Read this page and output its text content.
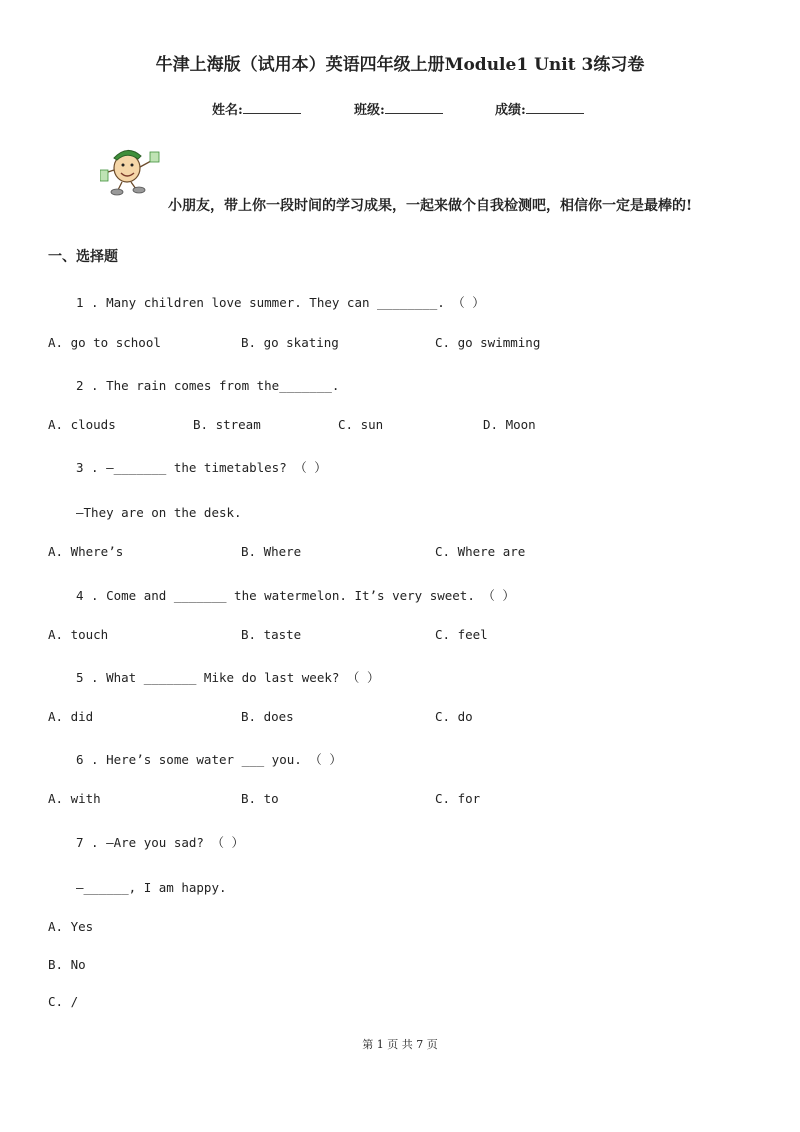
牛津上海版（试用本）英语四年级上册Module1 Unit 3练习卷
姓名:	班级:	成绩:
小朋友，带上你一段时间的学习成果，一起来做个自我检测吧，相信你一定是最棒的!
一、选择题
1 . Many children love summer. They can ________. （ ）
A. go to school	B. go skating	C. go swimming
2 . The rain comes from the_______.
A. clouds	B. stream	C. sun	D. Moon
3 . —_______ the timetables? （ ）
—They are on the desk.
A. Where’s	B. Where	C. Where are
4 . Come and _______ the watermelon. It’s very sweet. （ ）
A. touch	B. taste	C. feel
5 . What _______ Mike do last week? （ ）
A. did	B. does	C. do
6 . Here’s some water ___ you. （ ）
A. with	B. to	C. for
7 . —Are you sad? （ ）
—______, I am happy.
A. Yes
B. No
C. /
第 1 页 共 7 页
